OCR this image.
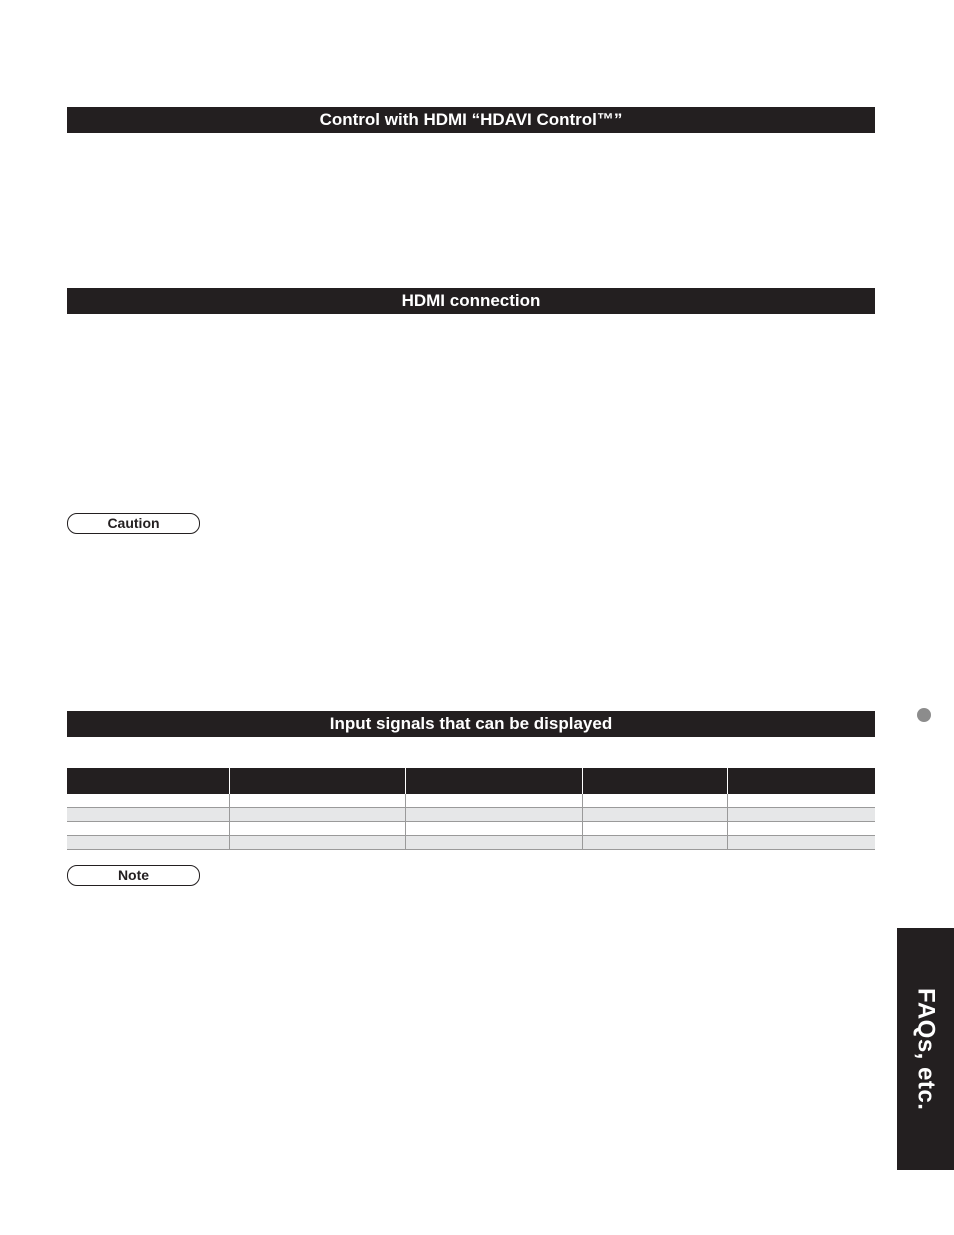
Control with HDMI “HDAVI Control™”
HDMI connection
Caution
Input signals that can be displayed
Note
FAQs, etc.
